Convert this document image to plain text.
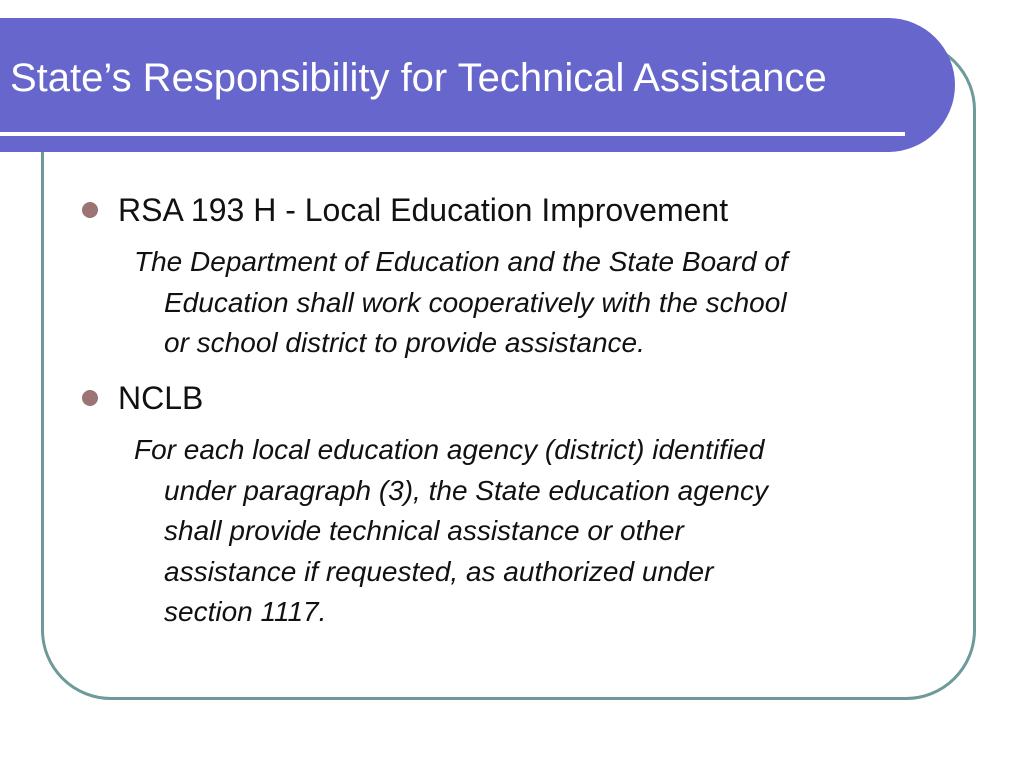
State’s Responsibility for Technical Assistance
RSA 193 H - Local Education Improvement

The Department of Education and the State Board of
Education shall work cooperatively with the school
or school district to provide assistance.

NCLB

For each local education agency (district) identified
under paragraph (3), the State education agency
shall provide technical assistance or other
assistance if requested, as authorized under
section 1117.
